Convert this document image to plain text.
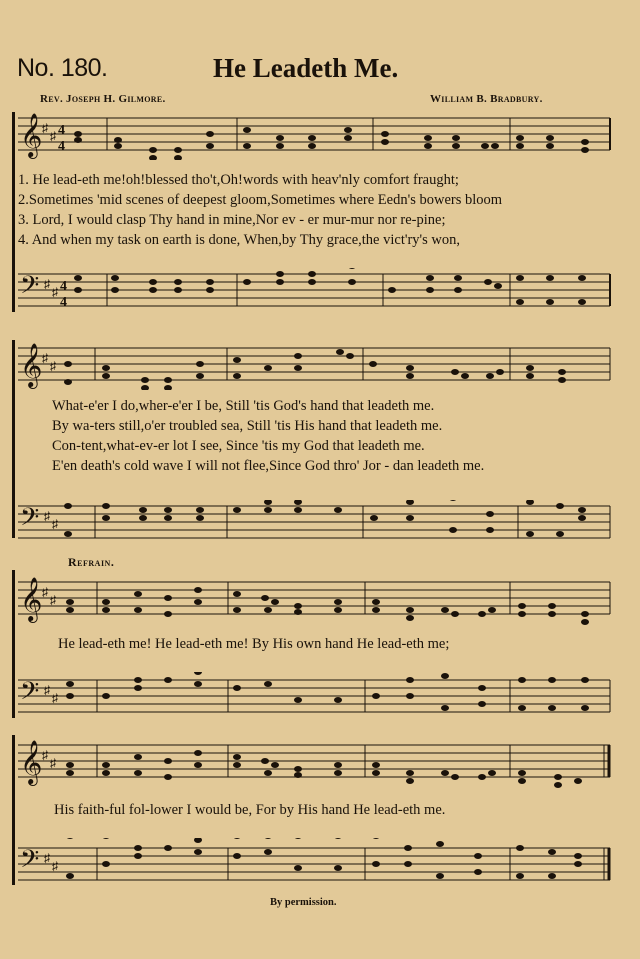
No. 180.	He Leadeth Me.
Rev. Joseph H. Gilmore.	William B. Bradbury.
𝄞 ♯
♯ 4
4
1. He lead-eth me!oh!blessed tho't,Oh!words with heav'nly comfort fraught;
2.Sometimes 'mid scenes of deepest gloom,Sometimes where Eedn's bowers bloom
3. Lord, I would clasp Thy hand in mine,Nor ev - er mur-mur nor re-pine;
4. And when my task on earth is done, When,by Thy grace,the vict'ry's won,
𝄢 ♯
♯ 4
4
𝄞 ♯
♯
What-e'er I do,wher-e'er I be, Still 'tis God's hand that leadeth me.
By wa-ters still,o'er troubled sea, Still 'tis His hand that leadeth me.
Con-tent,what-ev-er lot I see, Since 'tis my God that leadeth me.
E'en death's cold wave I will not flee,Since God thro' Jor - dan leadeth me.
𝄢 ♯
♯
Refrain.
𝄞 ♯
♯
He lead-eth me! He lead-eth me! By His own hand He lead-eth me;
𝄢 ♯
♯
𝄞 ♯
♯
His faith-ful fol-lower I would be, For by His hand He lead-eth me.
𝄢 ♯
♯
By permission.
